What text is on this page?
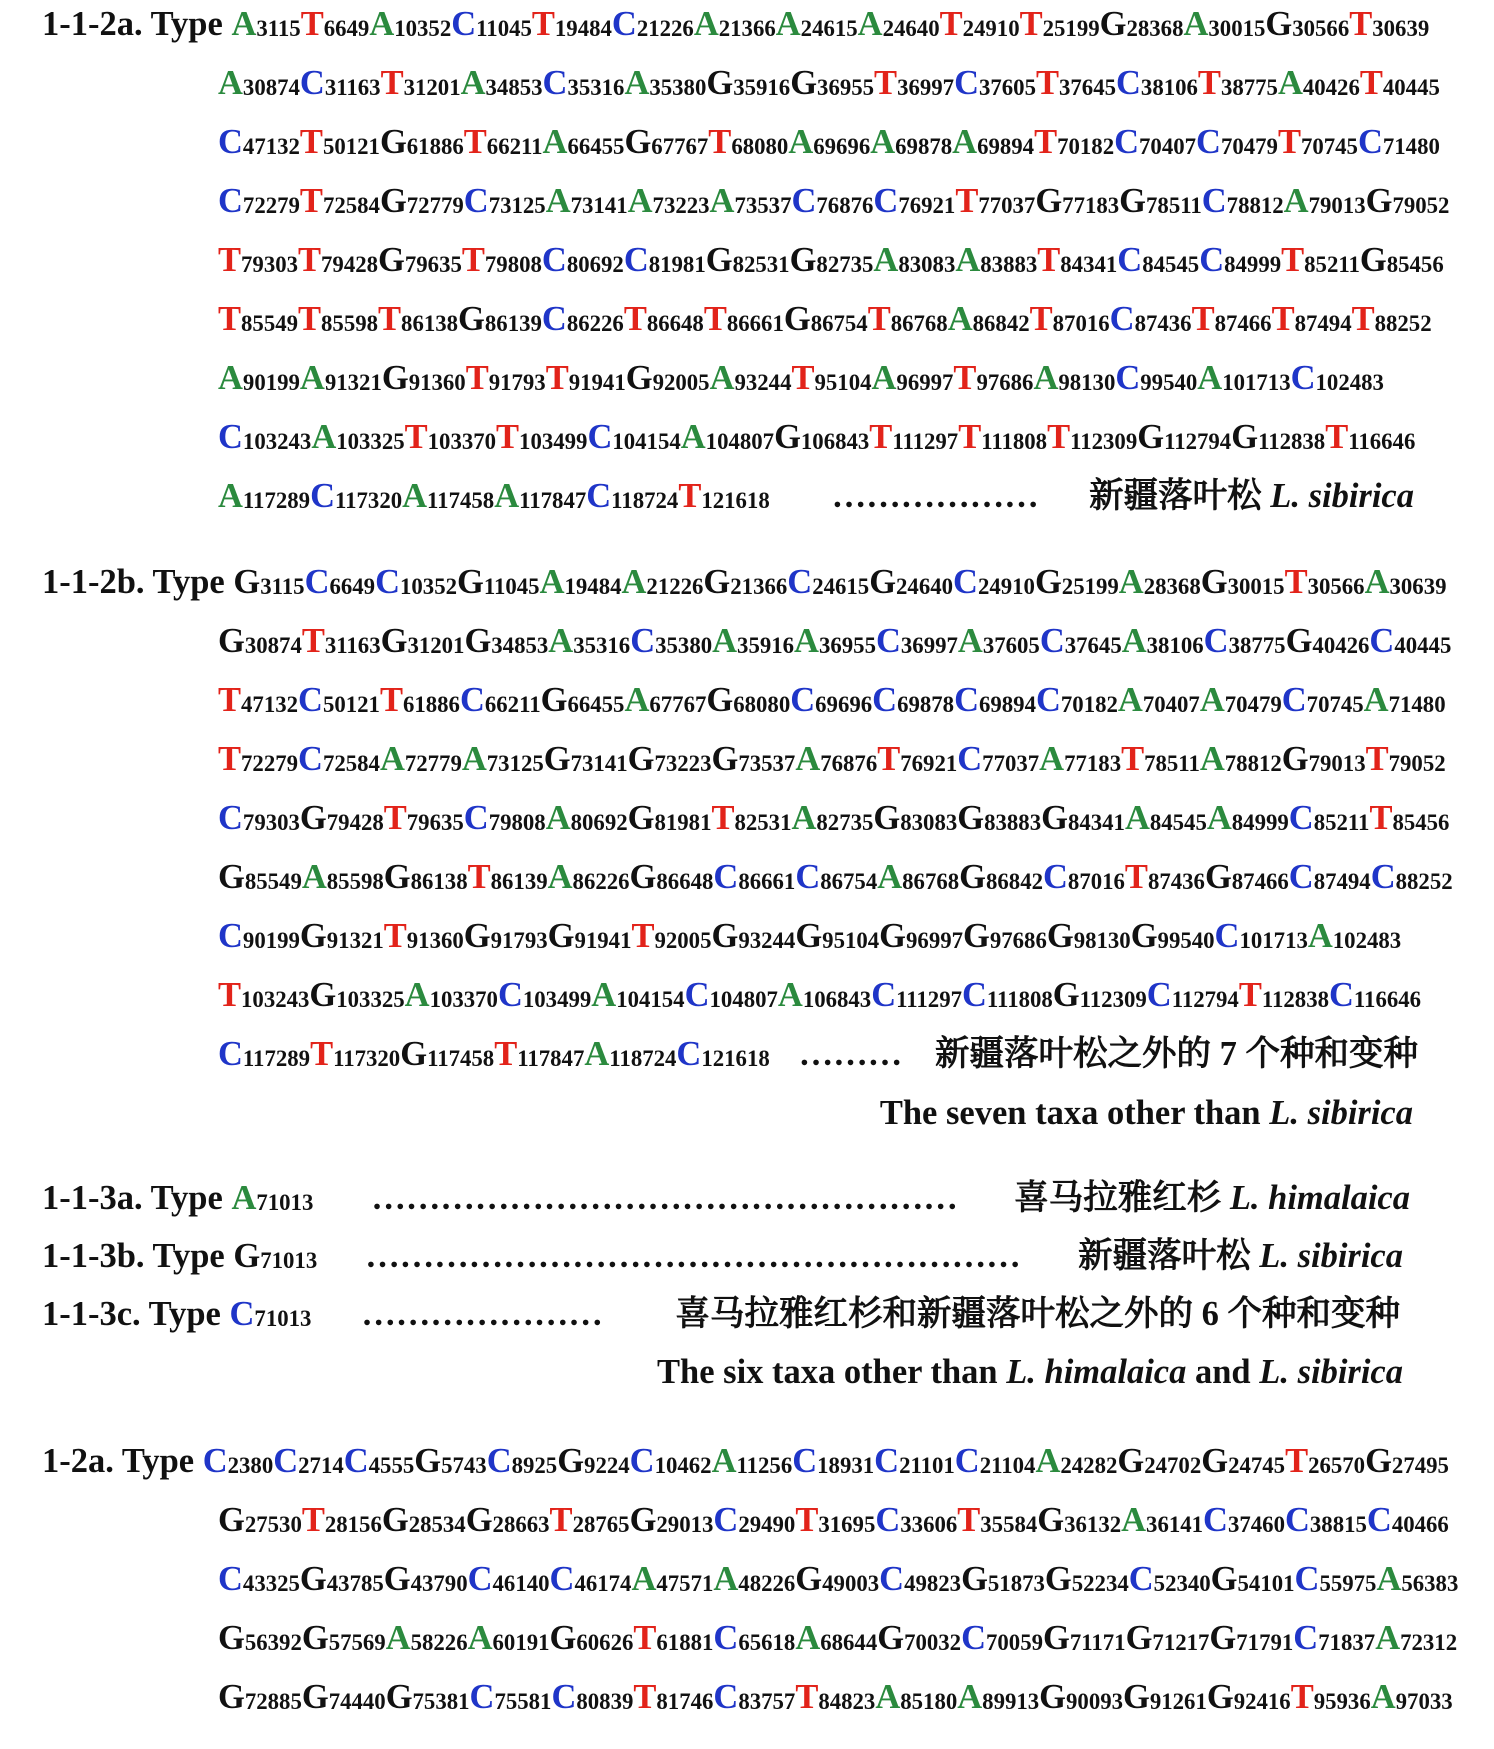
1-1-2a. Type A3115T6649A10352C11045T19484C21226A21366A24615A24640T24910T25199G28368A30015G30566T30639
A30874C31163T31201A34853C35316A35380G35916G36955T36997C37605T37645C38106T38775A40426T40445
C47132T50121G61886T66211A66455G67767T68080A69696A69878A69894T70182C70407C70479T70745C71480
C72279T72584G72779C73125A73141A73223A73537C76876C76921T77037G77183G78511C78812A79013G79052
T79303T79428G79635T79808C80692C81981G82531G82735A83083A83883T84341C84545C84999T85211G85456
T85549T85598T86138G86139C86226T86648T86661G86754T86768A86842T87016C87436T87466T87494T88252
A90199A91321G91360T91793T91941G92005A93244T95104A96997T97686A98130C99540A101713C102483
C103243A103325T103370T103499C104154A104807G106843T111297T111808T112309G112794G112838T116646
A117289C117320A117458A117847C118724T121618 ……………… 新疆落叶松 L. sibirica
1-1-2b. Type G3115C6649C10352G11045A19484A21226G21366C24615G24640C24910G25199A28368G30015T30566A30639
G30874T31163G31201G34853A35316C35380A35916A36955C36997A37605C37645A38106C38775G40426C40445
T47132C50121T61886C66211G66455A67767G68080C69696C69878C69894C70182A70407A70479C70745A71480
T72279C72584A72779A73125G73141G73223G73537A76876T76921C77037A77183T78511A78812G79013T79052
C79303G79428T79635C79808A80692G81981T82531A82735G83083G83883G84341A84545A84999C85211T85456
G85549A85598G86138T86139A86226G86648C86661C86754A86768G86842C87016T87436G87466C87494C88252
C90199G91321T91360G91793G91941T92005G93244G95104G96997G97686G98130G99540C101713A102483
T103243G103325A103370C103499A104154C104807A106843C111297C111808G112309C112794T112838C116646
C117289T117320G117458T117847A118724C121618 ……… 新疆落叶松之外的 7 个种和变种
The seven taxa other than L. sibirica
1-1-3a. Type A71013 …………………………………………… 喜马拉雅红杉 L. himalaica
1-1-3b. Type G71013 ………………………………………………… 新疆落叶松 L. sibirica
1-1-3c. Type C71013 ………………… 喜马拉雅红杉和新疆落叶松之外的 6 个种和变种
The six taxa other than L. himalaica and L. sibirica
1-2a. Type C2380C2714C4555G5743C8925G9224C10462A11256C18931C21101C21104A24282G24702G24745T26570G27495
G27530T28156G28534G28663T28765G29013C29490T31695C33606T35584G36132A36141C37460C38815C40466
C43325G43785G43790C46140C46174A47571A48226G49003C49823G51873G52234C52340G54101C55975A56383
G56392G57569A58226A60191G60626T61881C65618A68644G70032C70059G71171G71217G71791C71837A72312
G72885G74440G75381C75581C80839T81746C83757T84823A85180A89913G90093G91261G92416T95936A97033
